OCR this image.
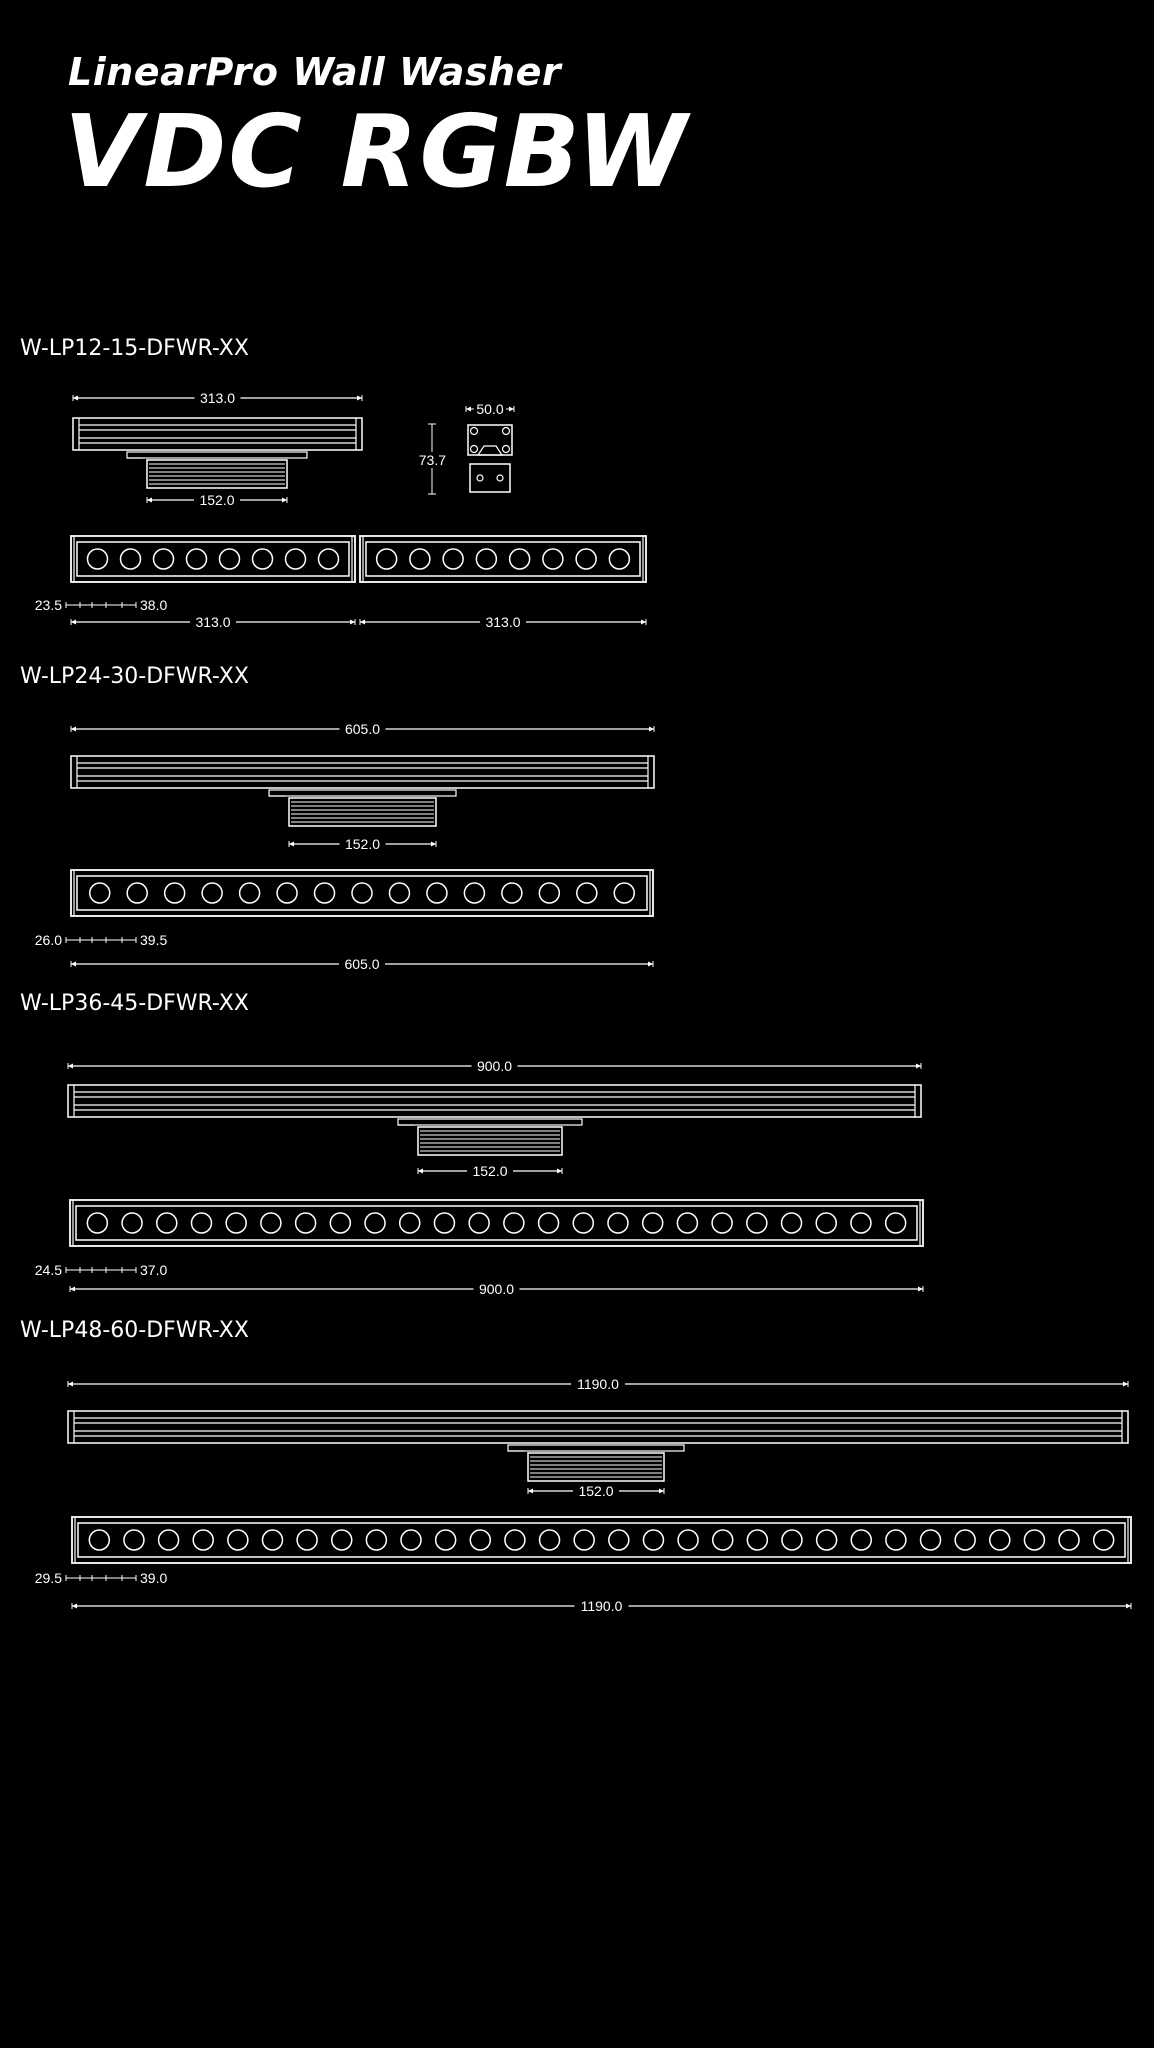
LinearPro Wall Washer
VDC RGBW
W-LP12-15-DFWR-XX
313.0
152.0
313.0	313.0
23.5	38.0
50.0
73.7
W-LP24-30-DFWR-XX
605.0
152.0
605.0
26.0	39.5
W-LP36-45-DFWR-XX
900.0
152.0
900.0
24.5	37.0
W-LP48-60-DFWR-XX
1190.0
152.0
1190.0
29.5	39.0
